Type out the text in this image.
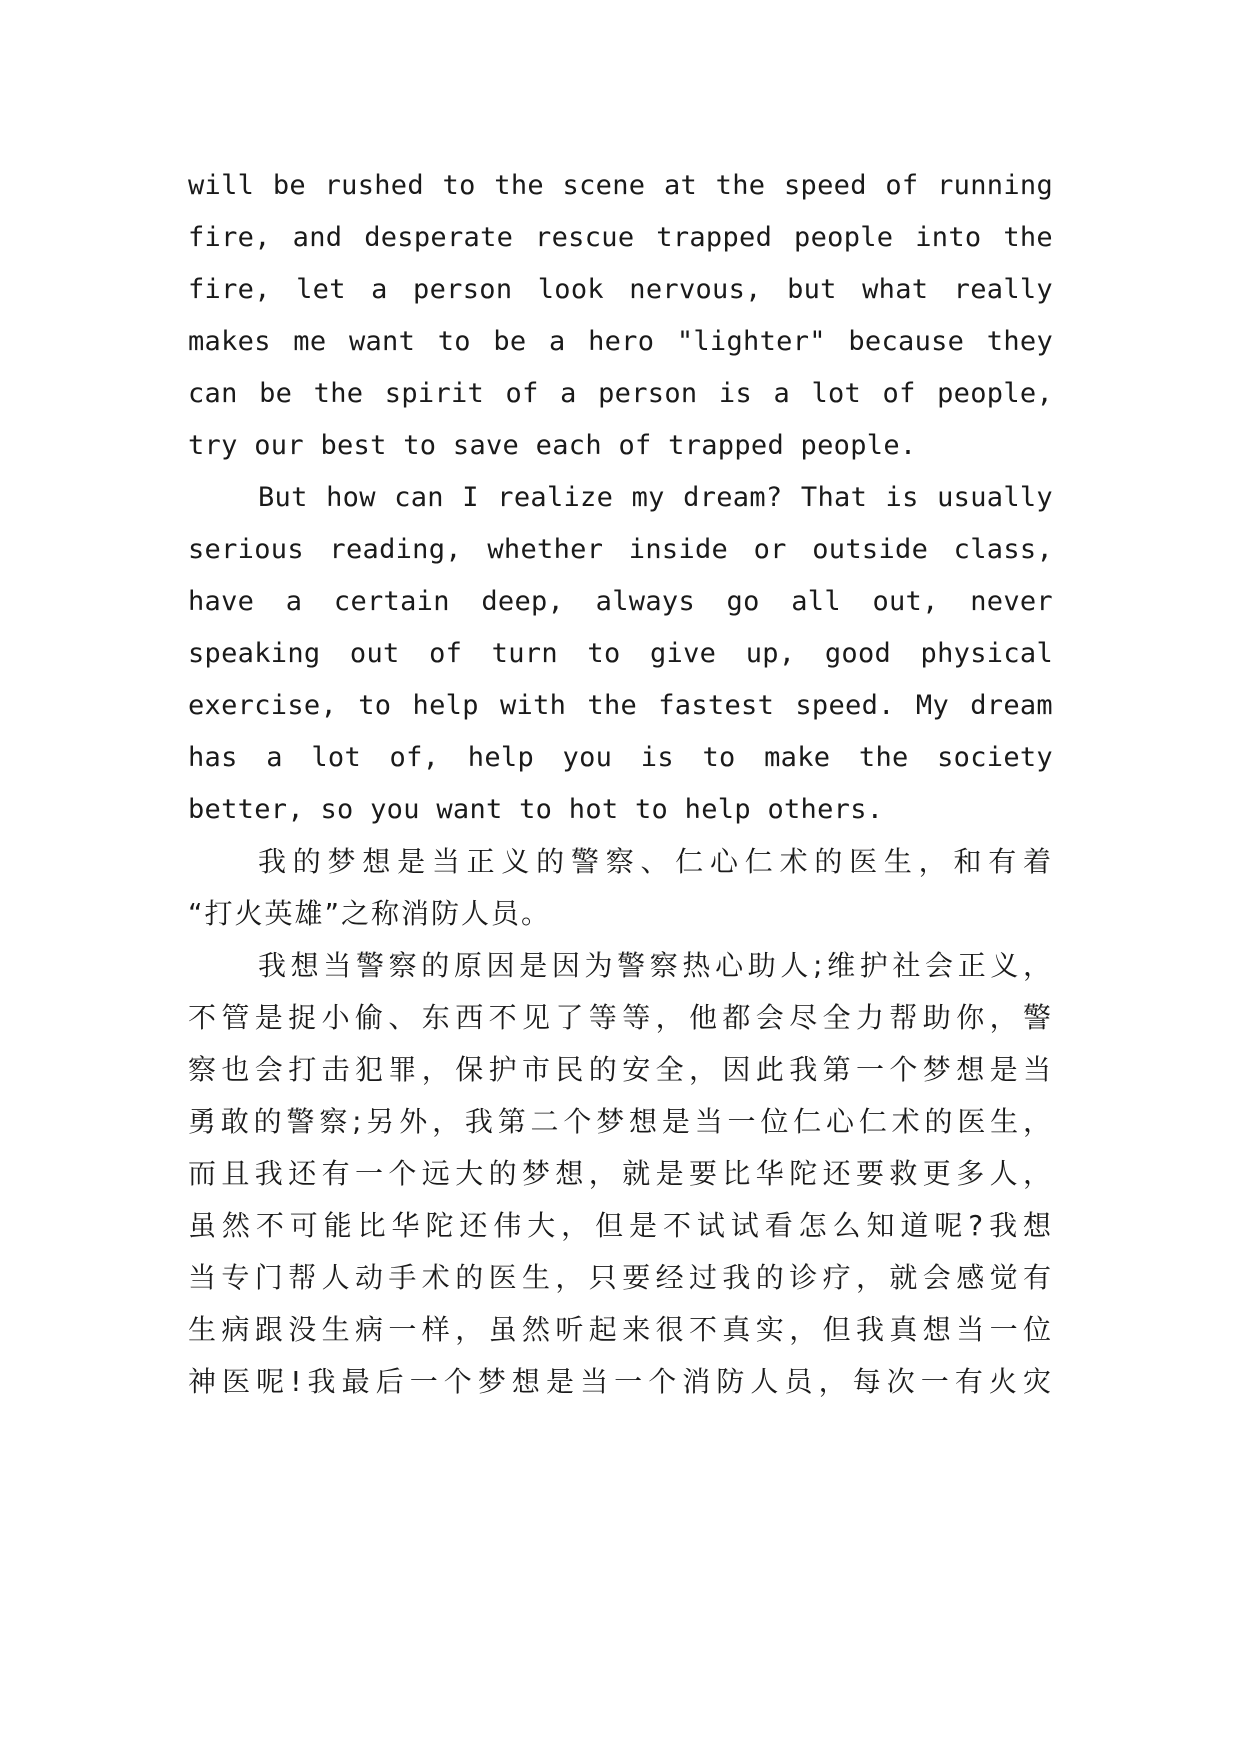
will be rushed to the scene at the speed of running
fire, and desperate rescue trapped people into the
fire, let a person look nervous, but what really
makes me want to be a hero "lighter" because they
can be the spirit of a person is a lot of people,
try our best to save each of trapped people.
But how can I realize my dream? That is usually
serious reading, whether inside or outside class,
have a certain deep, always go all out, never
speaking out of turn to give up, good physical
exercise, to help with the fastest speed. My dream
has a lot of, help you is to make the society
better, so you want to hot to help others.
我的梦想是当正义的警察、仁心仁术的医生，和有着
“打火英雄”之称消防人员。
我想当警察的原因是因为警察热心助人;维护社会正义，
不管是捉小偷、东西不见了等等，他都会尽全力帮助你，警
察也会打击犯罪，保护市民的安全，因此我第一个梦想是当
勇敢的警察;另外，我第二个梦想是当一位仁心仁术的医生，
而且我还有一个远大的梦想，就是要比华陀还要救更多人，
虽然不可能比华陀还伟大，但是不试试看怎么知道呢?我想
当专门帮人动手术的医生，只要经过我的诊疗，就会感觉有
生病跟没生病一样，虽然听起来很不真实，但我真想当一位
神医呢!我最后一个梦想是当一个消防人员，每次一有火灾
